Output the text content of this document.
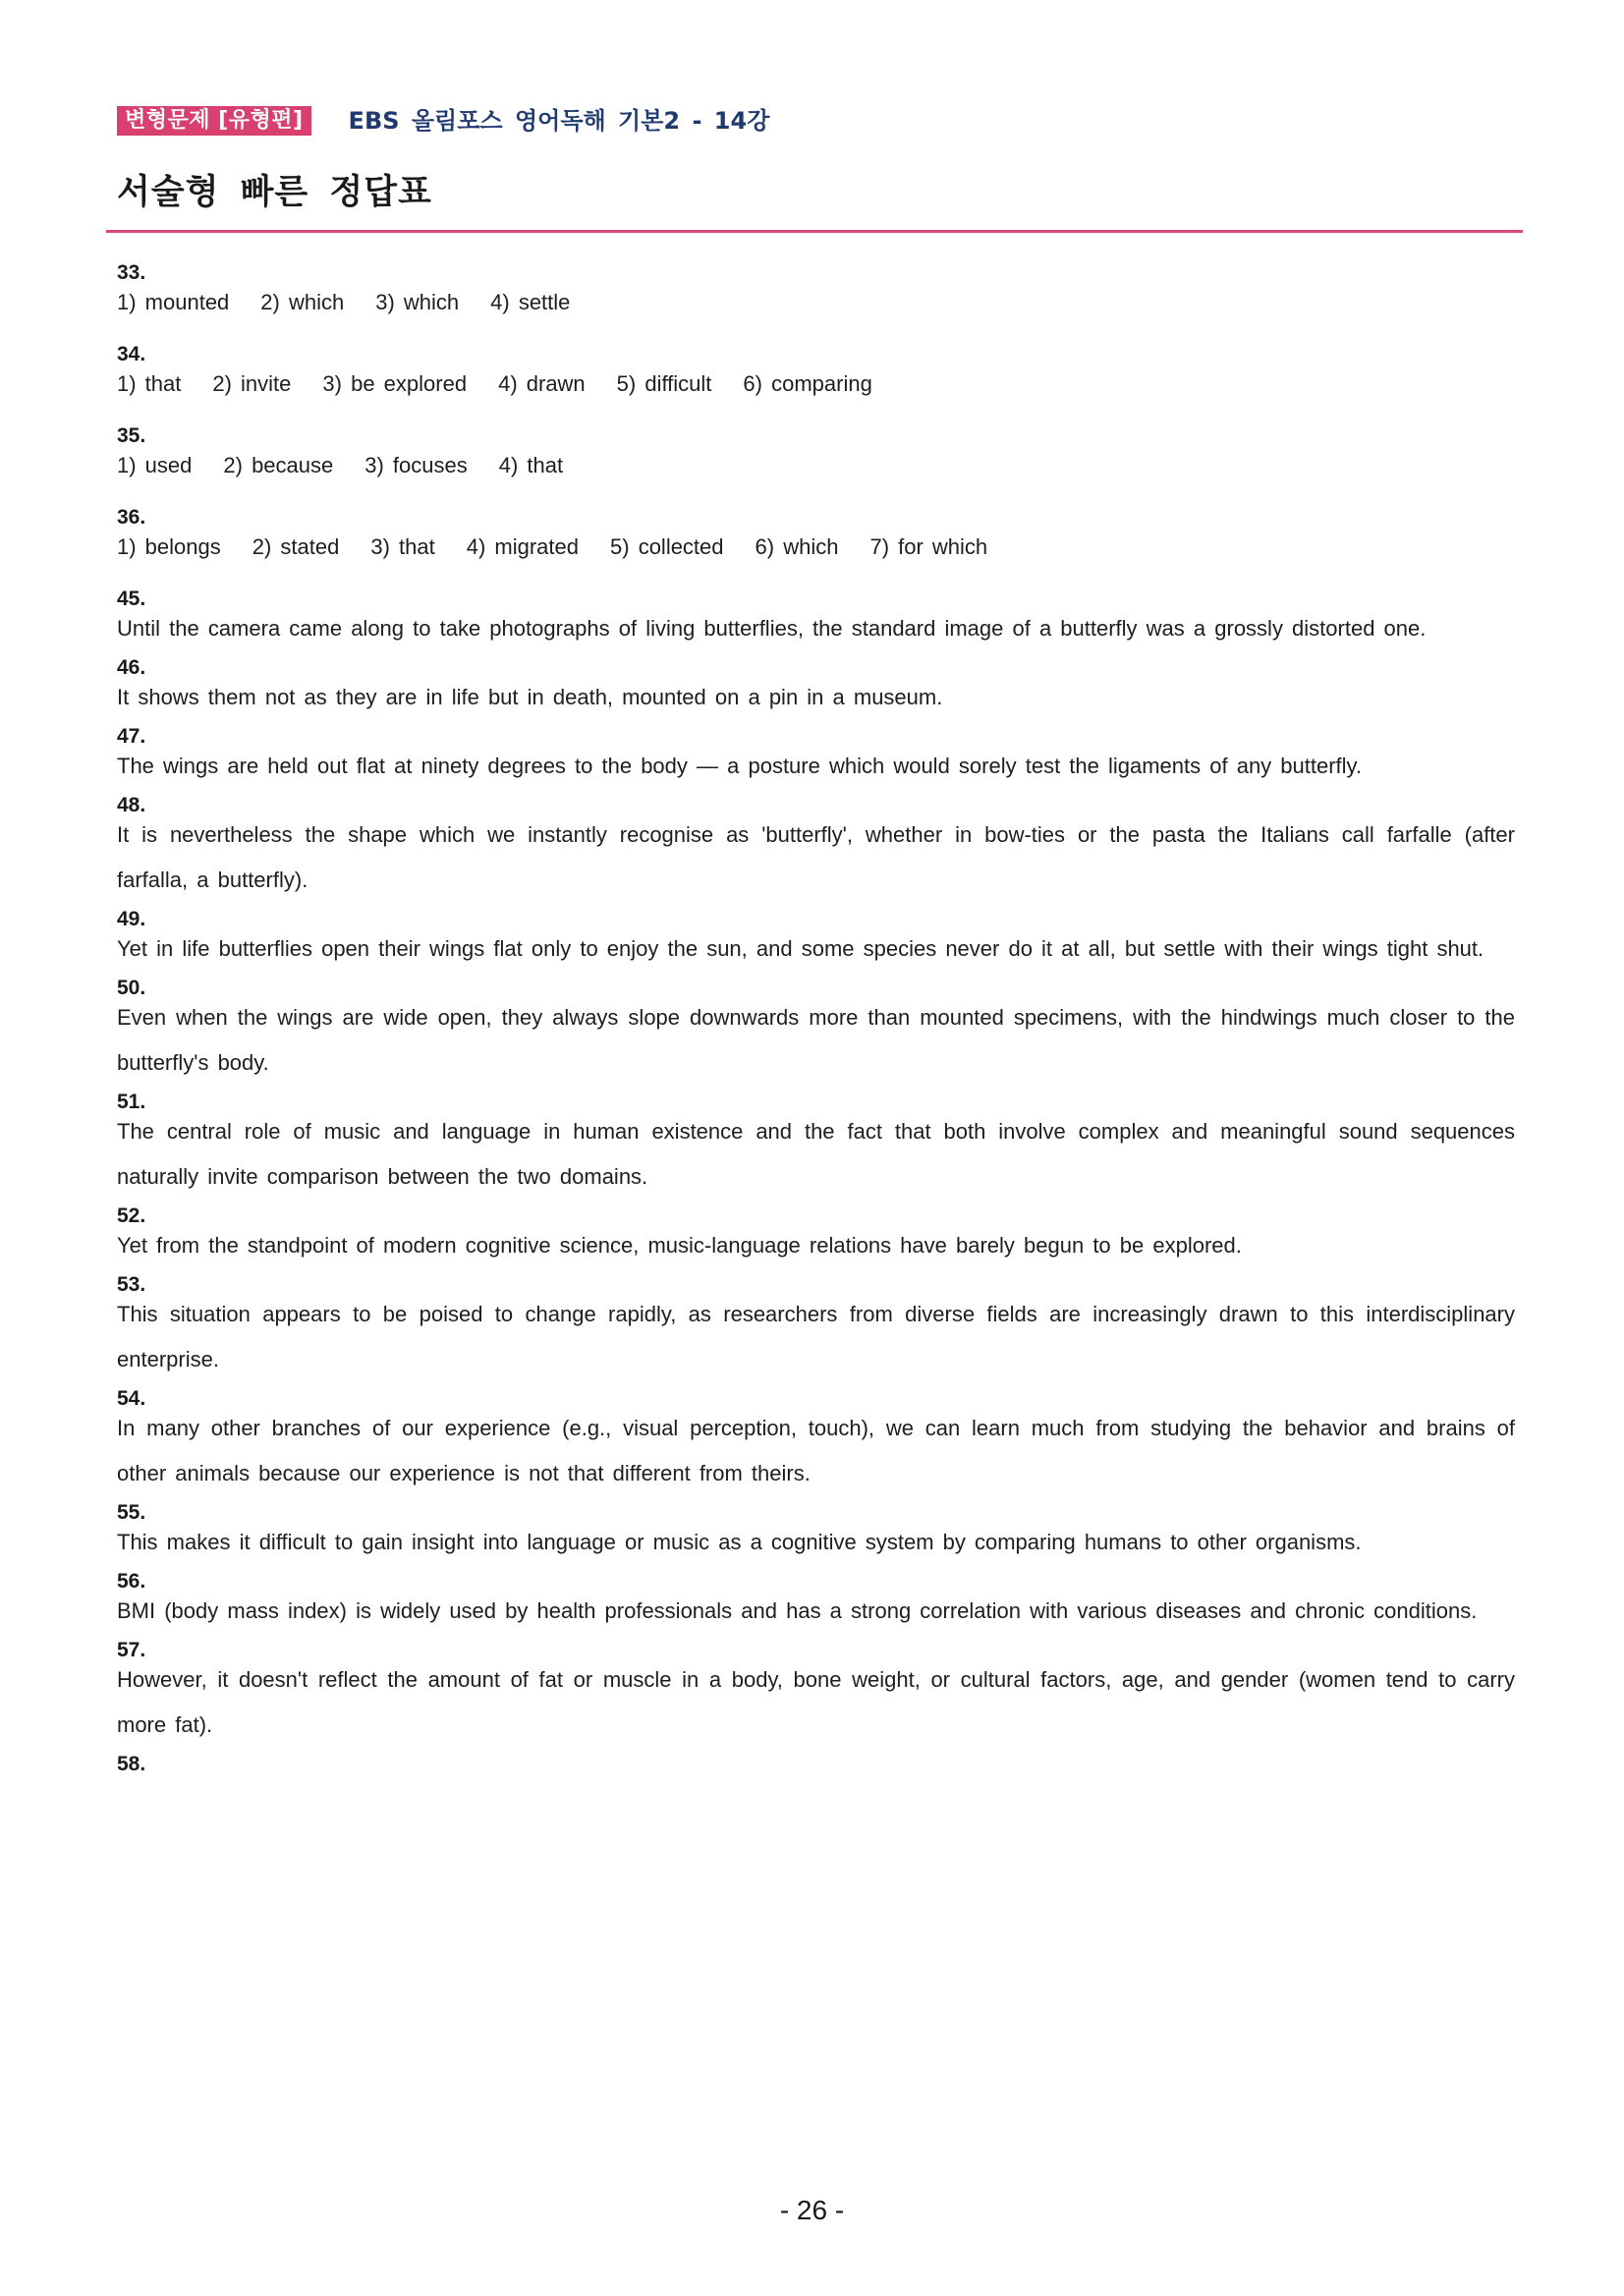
변형문제 [유형편]	EBS 올림포스 영어독해 기본2 - 14강
서술형 빠른 정답표
33.
1) mounted 2) which 3) which 4) settle
34.
1) that 2) invite 3) be explored 4) drawn 5) difficult 6) comparing
35.
1) used 2) because 3) focuses 4) that
36.
1) belongs 2) stated 3) that 4) migrated 5) collected 6) which 7) for which
45.
Until the camera came along to take photographs of living butterflies, the standard image of a butterfly was a grossly distorted one.
46.
It shows them not as they are in life but in death, mounted on a pin in a museum.
47.
The wings are held out flat at ninety degrees to the body — a posture which would sorely test the ligaments of any butterfly.
48.
It is nevertheless the shape which we instantly recognise as 'butterfly', whether in bow-ties or the pasta the Italians call farfalle (after farfalla, a butterfly).
49.
Yet in life butterflies open their wings flat only to enjoy the sun, and some species never do it at all, but settle with their wings tight shut.
50.
Even when the wings are wide open, they always slope downwards more than mounted specimens, with the hindwings much closer to the butterfly's body.
51.
The central role of music and language in human existence and the fact that both involve complex and meaningful sound sequences naturally invite comparison between the two domains.
52.
Yet from the standpoint of modern cognitive science, music-language relations have barely begun to be explored.
53.
This situation appears to be poised to change rapidly, as researchers from diverse fields are increasingly drawn to this interdisciplinary enterprise.
54.
In many other branches of our experience (e.g., visual perception, touch), we can learn much from studying the behavior and brains of other animals because our experience is not that different from theirs.
55.
This makes it difficult to gain insight into language or music as a cognitive system by comparing humans to other organisms.
56.
BMI (body mass index) is widely used by health professionals and has a strong correlation with various diseases and chronic conditions.
57.
However, it doesn't reflect the amount of fat or muscle in a body, bone weight, or cultural factors, age, and gender (women tend to carry more fat).
58.
- 26 -
